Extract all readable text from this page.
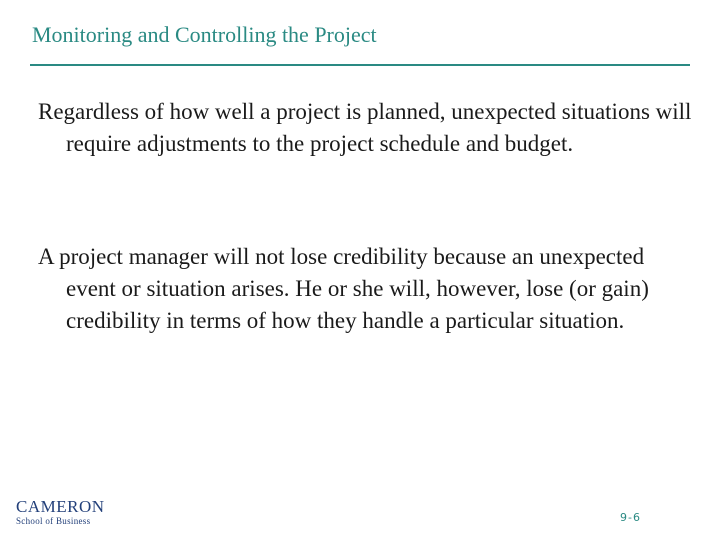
Monitoring and Controlling the Project
Regardless of how well a project is planned, unexpected situations will require adjustments to the project schedule and budget.
A project manager will not lose credibility because an unexpected event or situation arises. He or she will, however, lose (or gain) credibility in terms of how they handle a particular situation.
CAMERON
School of Business	9-6
